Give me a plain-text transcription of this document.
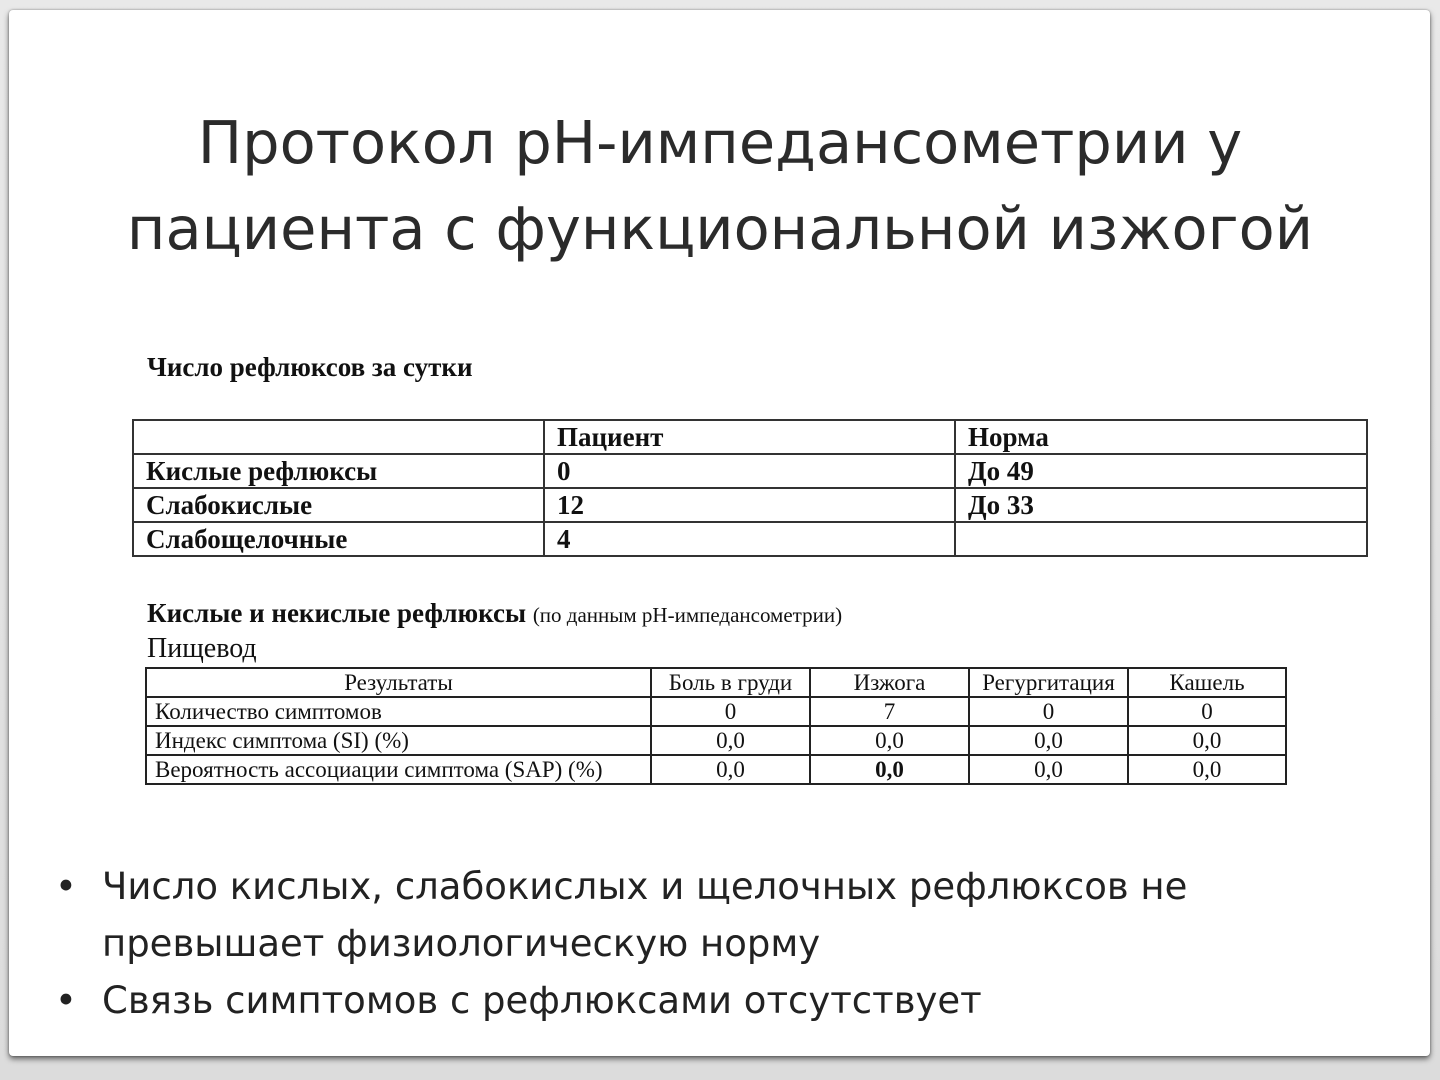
Протокол pH-импедансометрии у
пациента с функциональной изжогой
Число рефлюксов за сутки
	Пациент	Норма
Кислые рефлюксы	0	До 49
Слабокислые	12	До 33
Слабощелочные	4	
Кислые и некислые рефлюксы (по данным pH-импедансометрии)
Пищевод
Результаты	Боль в груди	Изжога	Регургитация	Кашель
Количество симптомов	0	7	0	0
Индекс симптома (SI) (%)	0,0	0,0	0,0	0,0
Вероятность ассоциации симптома (SAP) (%)	0,0	0,0	0,0	0,0
• Число кислых, слабокислых и щелочных рефлюксов не
превышает физиологическую норму
• Связь симптомов с рефлюксами отсутствует
